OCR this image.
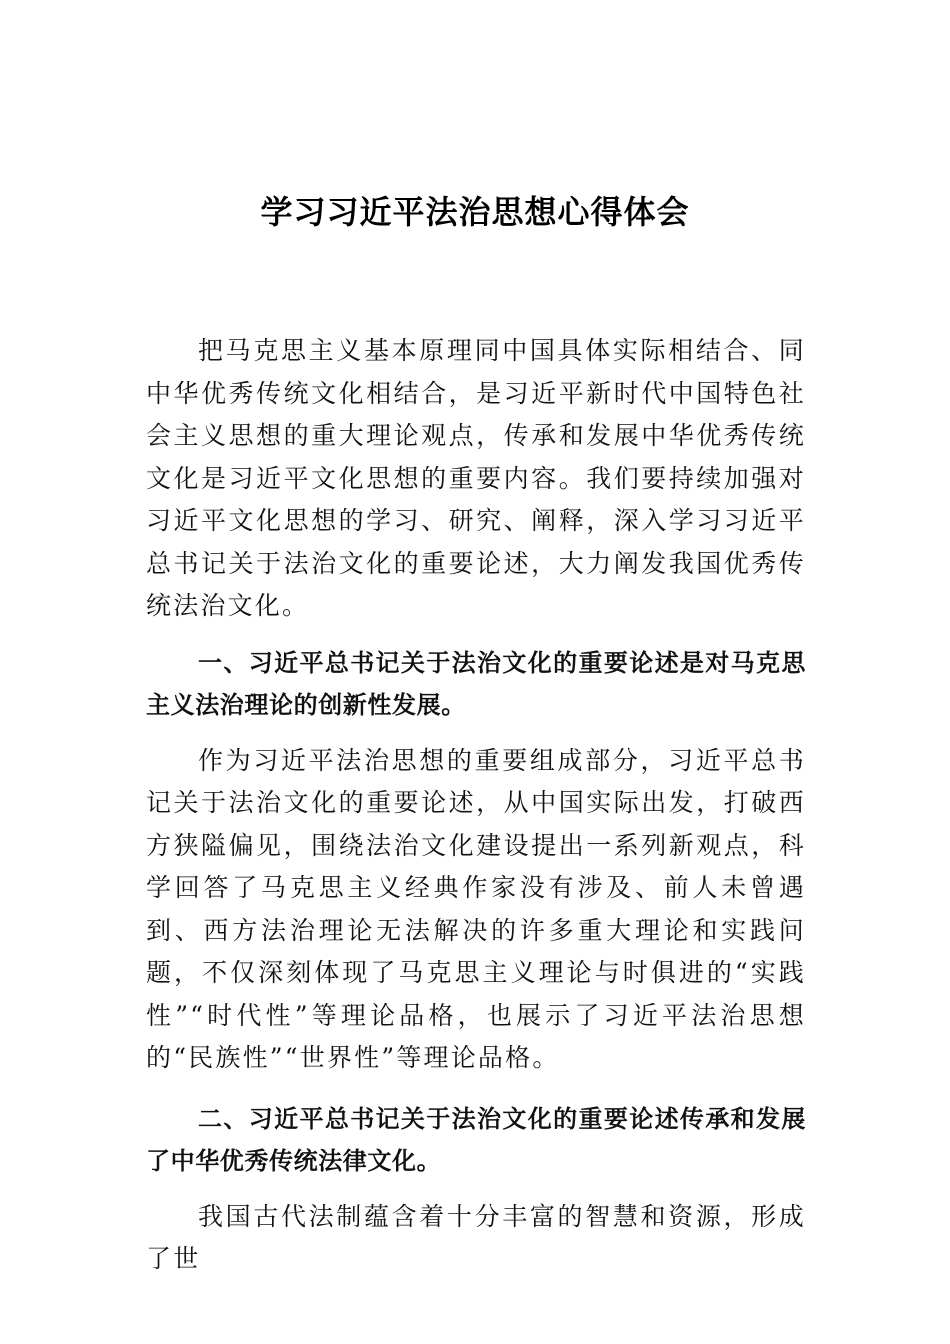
学习习近平法治思想心得体会

把马克思主义基本原理同中国具体实际相结合、同中华优秀传统文化相结合，是习近平新时代中国特色社会主义思想的重大理论观点，传承和发展中华优秀传统文化是习近平文化思想的重要内容。我们要持续加强对习近平文化思想的学习、研究、阐释，深入学习习近平总书记关于法治文化的重要论述，大力阐发我国优秀传统法治文化。

一、习近平总书记关于法治文化的重要论述是对马克思主义法治理论的创新性发展。

作为习近平法治思想的重要组成部分，习近平总书记关于法治文化的重要论述，从中国实际出发，打破西方狭隘偏见，围绕法治文化建设提出一系列新观点，科学回答了马克思主义经典作家没有涉及、前人未曾遇到、西方法治理论无法解决的许多重大理论和实践问题，不仅深刻体现了马克思主义理论与时俱进的“实践性”“时代性”等理论品格，也展示了习近平法治思想的“民族性”“世界性”等理论品格。

二、习近平总书记关于法治文化的重要论述传承和发展了中华优秀传统法律文化。

我国古代法制蕴含着十分丰富的智慧和资源，形成了世
